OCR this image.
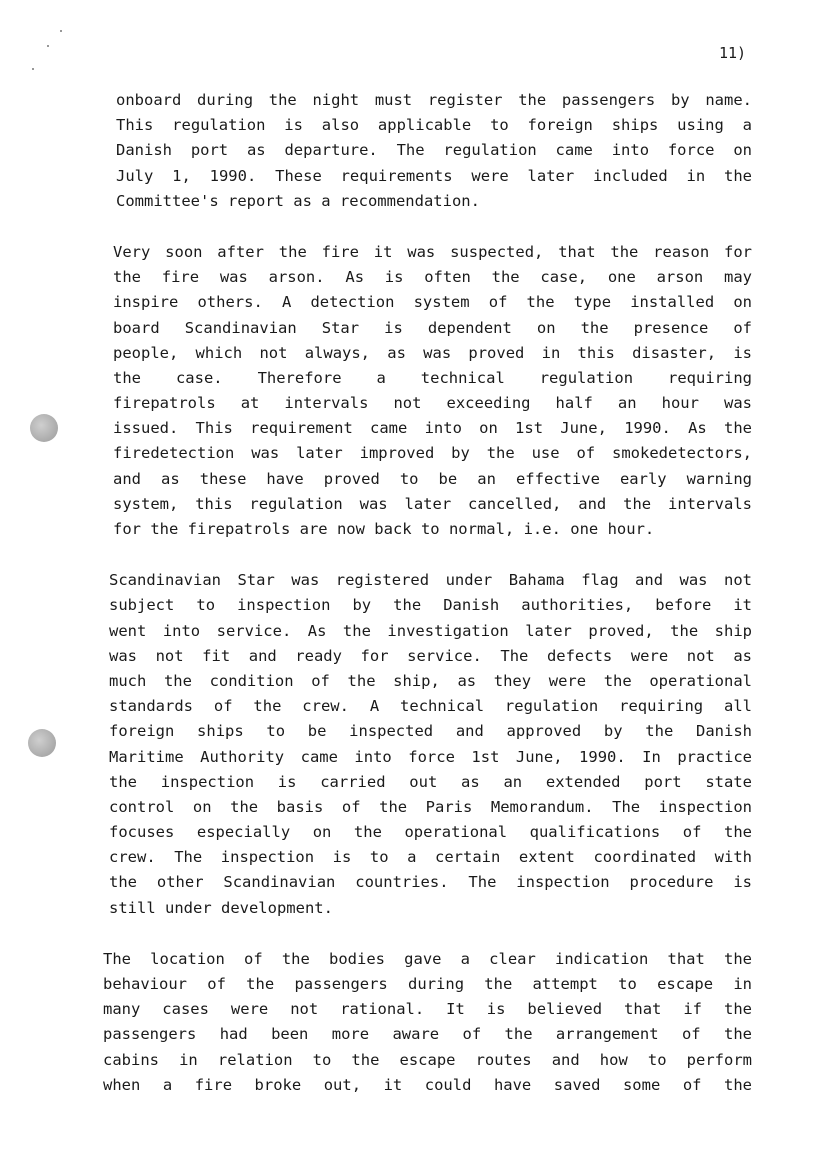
11)
onboard during the night must register the passengers by name.
This regulation is also applicable to foreign ships using a
Danish port as departure. The regulation came into force on
July 1, 1990. These requirements were later included in the
Committee's report as a recommendation.
Very soon after the fire it was suspected, that the reason for
the fire was arson. As is often the case, one arson may
inspire others. A detection system of the type installed on
board Scandinavian Star is dependent on the presence of
people, which not always, as was proved in this disaster, is
the case. Therefore a technical regulation requiring
firepatrols at intervals not exceeding half an hour was
issued. This requirement came into on 1st June, 1990. As the
firedetection was later improved by the use of smokedetectors,
and as these have proved to be an effective early warning
system, this regulation was later cancelled, and the intervals
for the firepatrols are now back to normal, i.e. one hour.
Scandinavian Star was registered under Bahama flag and was not
subject to inspection by the Danish authorities, before it
went into service. As the investigation later proved, the ship
was not fit and ready for service. The defects were not as
much the condition of the ship, as they were the operational
standards of the crew. A technical regulation requiring all
foreign ships to be inspected and approved by the Danish
Maritime Authority came into force 1st June, 1990. In practice
the inspection is carried out as an extended port state
control on the basis of the Paris Memorandum. The inspection
focuses especially on the operational qualifications of the
crew. The inspection is to a certain extent coordinated with
the other Scandinavian countries. The inspection procedure is
still under development.
The location of the bodies gave a clear indication that the
behaviour of the passengers during the attempt to escape in
many cases were not rational. It is believed that if the
passengers had been more aware of the arrangement of the
cabins in relation to the escape routes and how to perform
when a fire broke out, it could have saved some of the
